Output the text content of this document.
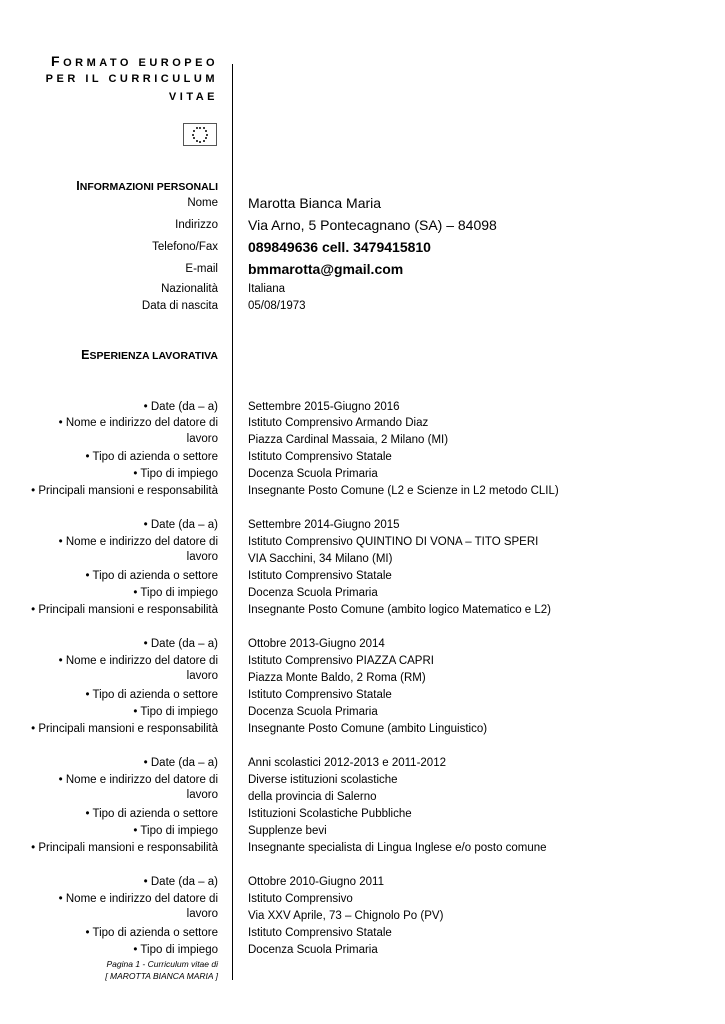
FORMATO EUROPEO
PER IL CURRICULUM
VITAE
INFORMAZIONI PERSONALI
Nome Marotta Bianca Maria
Indirizzo Via Arno, 5 Pontecagnano (SA) – 84098
Telefono/Fax 089849636 cell. 3479415810
E-mail bmmarotta@gmail.com
Nazionalità	Italiana
Data di nascita	05/08/1973
ESPERIENZA LAVORATIVA
• Date (da – a)	Settembre 2015-Giugno 2016
• Nome e indirizzo del datore di	Istituto Comprensivo Armando Diaz
lavoro	Piazza Cardinal Massaia, 2 Milano (MI)
• Tipo di azienda o settore	Istituto Comprensivo Statale
• Tipo di impiego	Docenza Scuola Primaria
• Principali mansioni e responsabilità	Insegnante Posto Comune (L2 e Scienze in L2 metodo CLIL)
• Date (da – a)	Settembre 2014-Giugno 2015
• Nome e indirizzo del datore di	Istituto Comprensivo QUINTINO DI VONA – TITO SPERI
lavoro	VIA Sacchini, 34 Milano (MI)
• Tipo di azienda o settore	Istituto Comprensivo Statale
• Tipo di impiego	Docenza Scuola Primaria
• Principali mansioni e responsabilità	Insegnante Posto Comune (ambito logico Matematico e L2)
• Date (da – a)	Ottobre 2013-Giugno 2014
• Nome e indirizzo del datore di	Istituto Comprensivo PIAZZA CAPRI
lavoro	Piazza Monte Baldo, 2 Roma (RM)
• Tipo di azienda o settore	Istituto Comprensivo Statale
• Tipo di impiego	Docenza Scuola Primaria
• Principali mansioni e responsabilità	Insegnante Posto Comune (ambito Linguistico)
• Date (da – a)	Anni scolastici 2012-2013 e 2011-2012
• Nome e indirizzo del datore di	Diverse istituzioni scolastiche
lavoro	della provincia di Salerno
• Tipo di azienda o settore	Istituzioni Scolastiche Pubbliche
• Tipo di impiego	Supplenze bevi
• Principali mansioni e responsabilità	Insegnante specialista di Lingua Inglese e/o posto comune
• Date (da – a)	Ottobre 2010-Giugno 2011
• Nome e indirizzo del datore di	Istituto Comprensivo
lavoro	Via XXV Aprile, 73 – Chignolo Po (PV)
• Tipo di azienda o settore	Istituto Comprensivo Statale
• Tipo di impiego	Docenza Scuola Primaria
Pagina 1 - Curriculum vitae di
[ MAROTTA BIANCA MARIA ]
